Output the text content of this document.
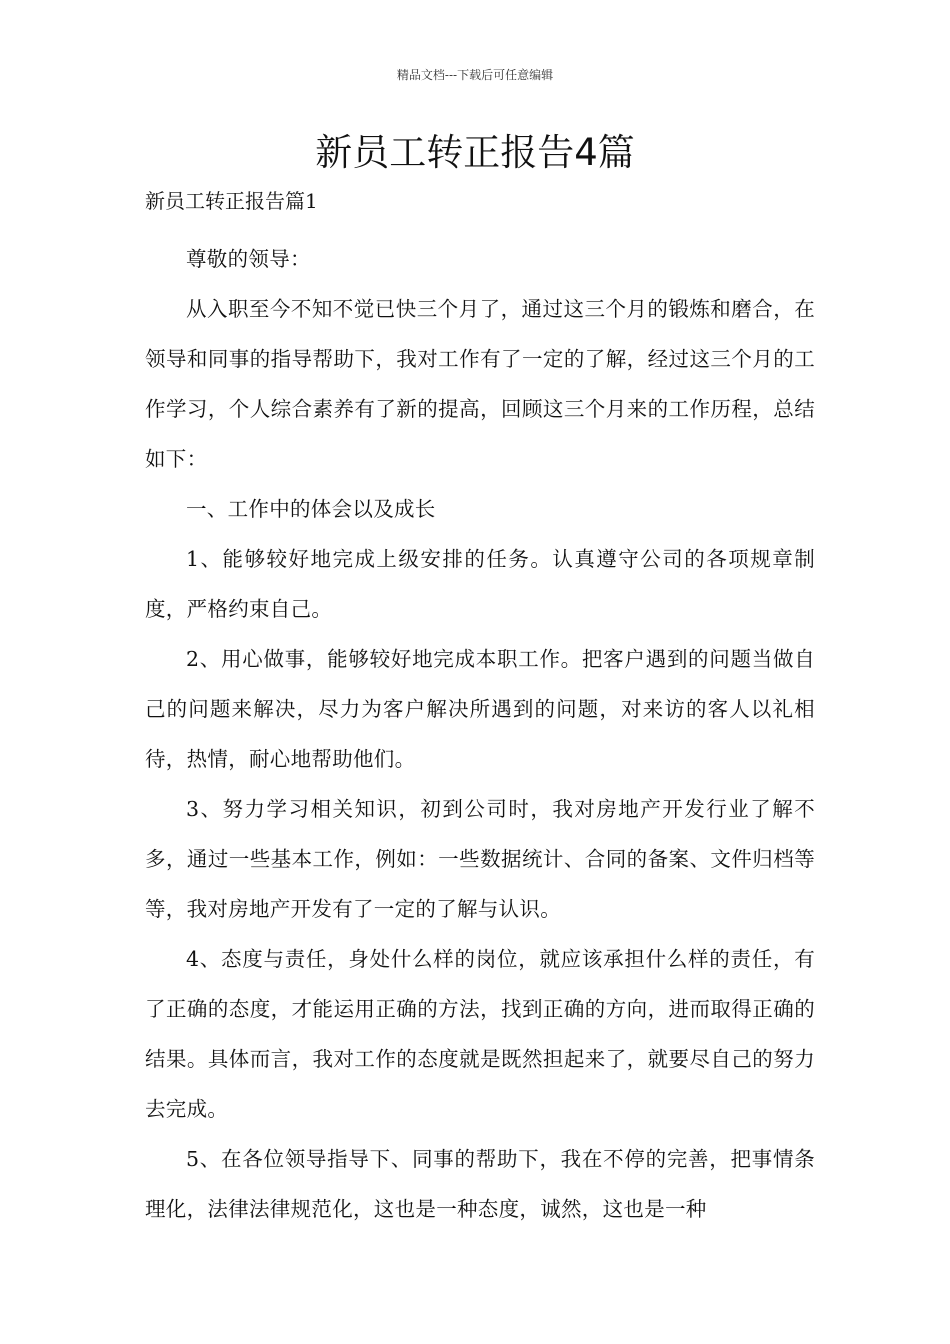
精品文档---下载后可任意编辑
新员工转正报告4篇
新员工转正报告篇1

尊敬的领导：

从入职至今不知不觉已快三个月了，通过这三个月的锻炼和磨合，在领导和同事的指导帮助下，我对工作有了一定的了解，经过这三个月的工作学习，个人综合素养有了新的提高，回顾这三个月来的工作历程，总结如下：

一、工作中的体会以及成长

1、能够较好地完成上级安排的任务。认真遵守公司的各项规章制度，严格约束自己。

2、用心做事，能够较好地完成本职工作。把客户遇到的问题当做自己的问题来解决，尽力为客户解决所遇到的问题，对来访的客人以礼相待，热情，耐心地帮助他们。

3、努力学习相关知识，初到公司时，我对房地产开发行业了解不多，通过一些基本工作，例如：一些数据统计、合同的备案、文件归档等等，我对房地产开发有了一定的了解与认识。

4、态度与责任，身处什么样的岗位，就应该承担什么样的责任，有了正确的态度，才能运用正确的方法，找到正确的方向，进而取得正确的结果。具体而言，我对工作的态度就是既然担起来了，就要尽自己的努力去完成。

5、在各位领导指导下、同事的帮助下，我在不停的完善，把事情条理化，法律法律规范化，这也是一种态度，诚然，这也是一种
